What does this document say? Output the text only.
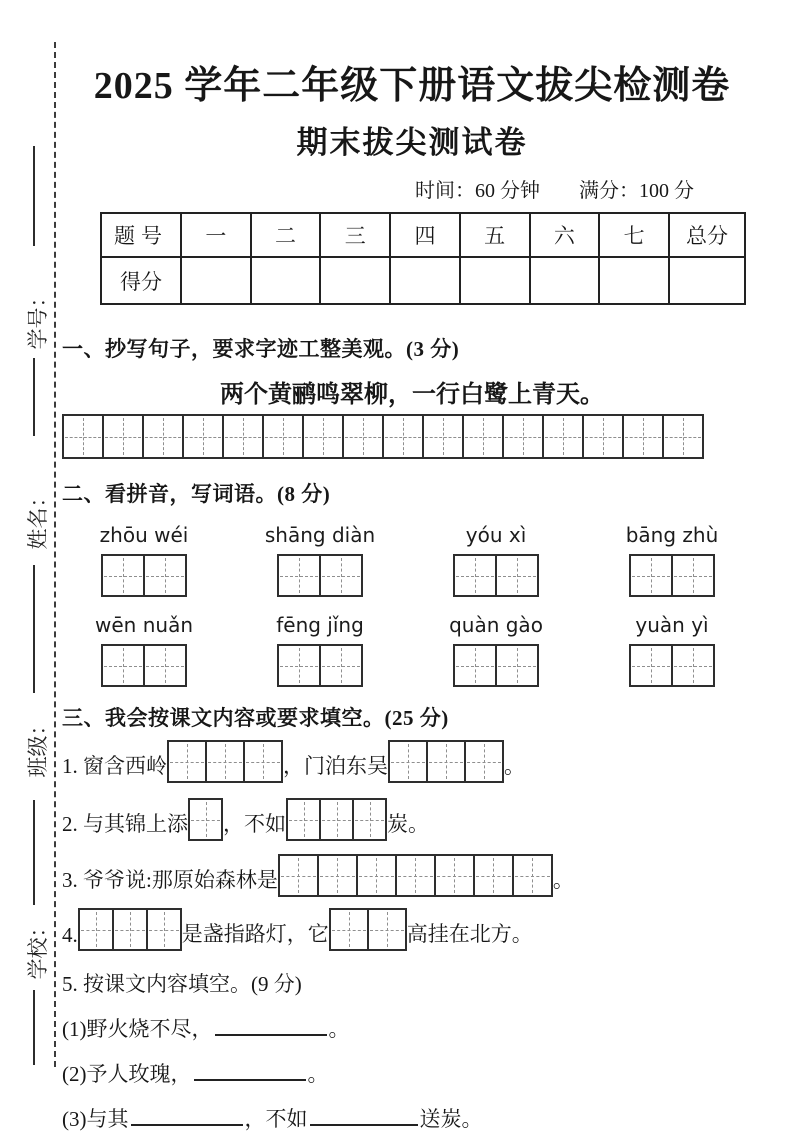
学号：
姓名：
班级：
学校：
2025 学年二年级下册语文拔尖检测卷
期末拔尖测试卷
时间：60 分钟 满分：100 分
题号	一	二	三	四	五	六	七	总分
得分								
一、抄写句子，要求字迹工整美观。(3 分)
两个黄鹂鸣翠柳，一行白鹭上青天。
二、看拼音，写词语。(8 分)
zhōu wéi	shāng diàn	yóu xì	bāng zhù
wēn nuǎn	fēng jǐng	quàn gào	yuàn yì
三、我会按课文内容或要求填空。(25 分)
1. 窗含西岭	，门泊东吴	。
2. 与其锦上添 ，不如	炭。
3. 爷爷说:那原始森林是	。
4.	是盏指路灯，它	高挂在北方。
5. 按课文内容填空。(9 分)
(1)野火烧不尽，	。
(2)予人玫瑰，	。
(3)与其	，不如	送炭。
